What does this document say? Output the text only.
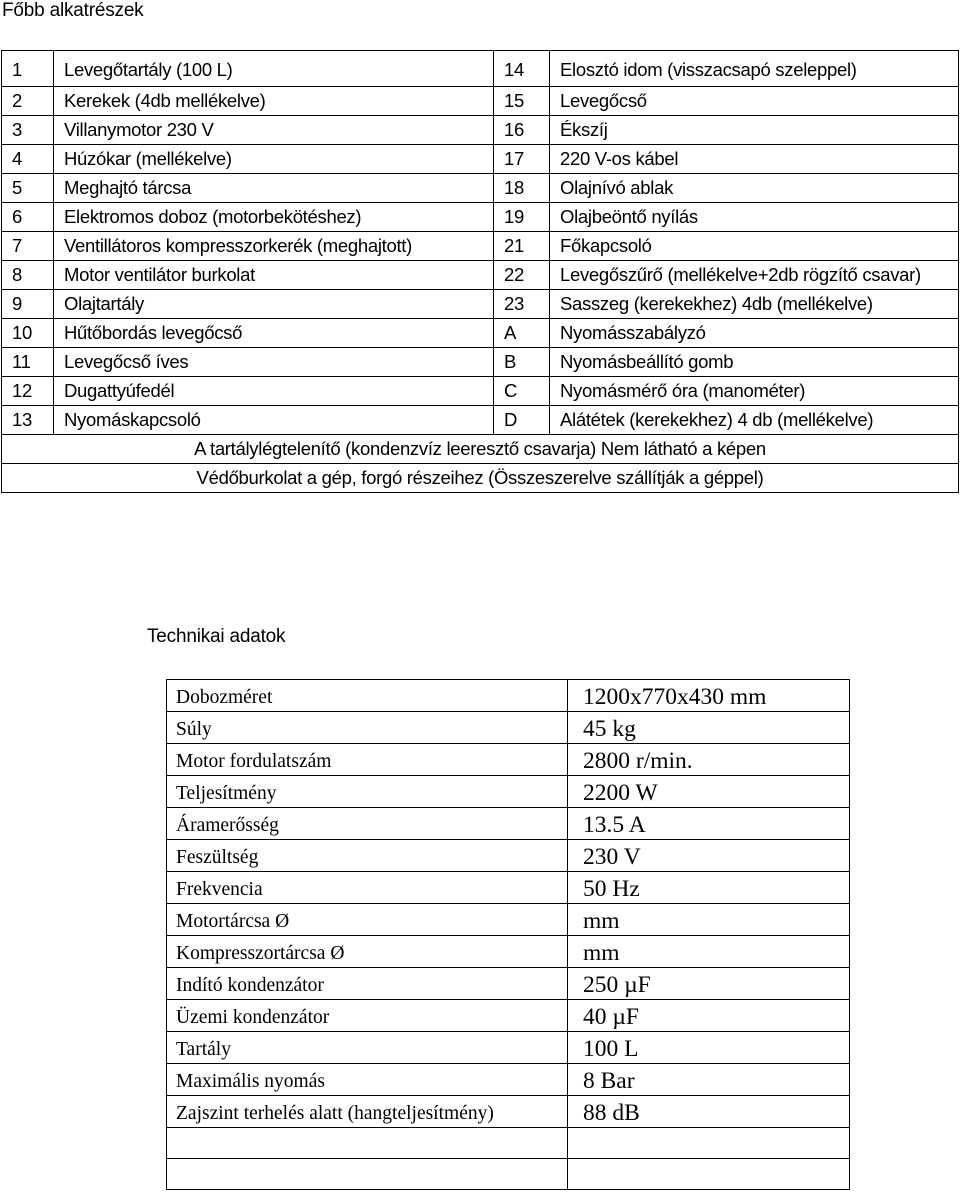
Főbb alkatrészek
1	Levegőtartály (100 L)	14	Elosztó idom (visszacsapó szeleppel)
2	Kerekek (4db mellékelve)	15	Levegőcső
3	Villanymotor 230 V	16	Ékszíj
4	Húzókar (mellékelve)	17	220 V-os kábel
5	Meghajtó tárcsa	18	Olajnívó ablak
6	Elektromos doboz (motorbekötéshez)	19	Olajbeöntő nyílás
7	Ventillátoros kompresszorkerék (meghajtott)	21	Főkapcsoló
8	Motor ventilátor burkolat	22	Levegőszűrő (mellékelve+2db rögzítő csavar)
9	Olajtartály	23	Sasszeg (kerekekhez) 4db (mellékelve)
10	Hűtőbordás levegőcső	A	Nyomásszabályzó
11	Levegőcső íves	B	Nyomásbeállító gomb
12	Dugattyúfedél	C	Nyomásmérő óra (manométer)
13	Nyomáskapcsoló	D	Alátétek (kerekekhez) 4 db (mellékelve)
A tartálylégtelenítő (kondenzvíz leeresztő csavarja) Nem látható a képen			
Védőburkolat a gép, forgó részeihez (Összeszerelve szállítják a géppel)			
Technikai adatok
Dobozméret	1200x770x430 mm
Súly	45 kg
Motor fordulatszám	2800 r/min.
Teljesítmény	2200 W
Áramerősség	13.5 A
Feszültség	230 V
Frekvencia	50 Hz
Motortárcsa Ø	mm
Kompresszortárcsa Ø	mm
Indító kondenzátor	250 µF
Üzemi kondenzátor	40 µF
Tartály	100 L
Maximális nyomás	8 Bar
Zajszint terhelés alatt (hangteljesítmény)	88 dB
